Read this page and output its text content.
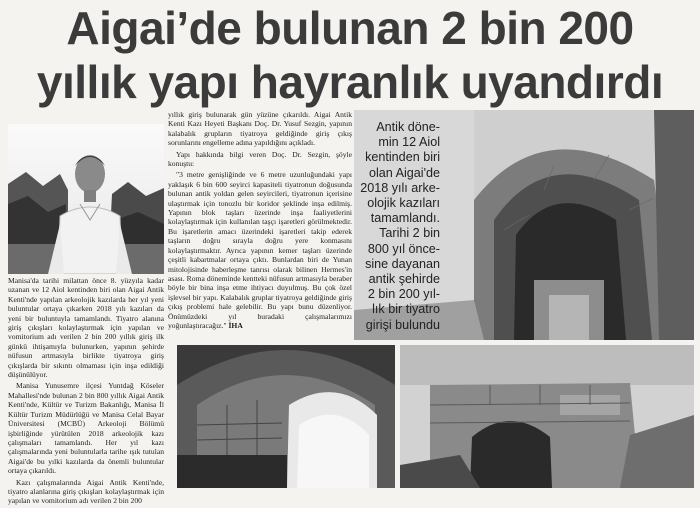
Aigai’de bulunan 2 bin 200
yıllık yapı hayranlık uyandırdı

Manisa'da tarihi milattan önce 8. yüzyıla kadar uzanan ve 12 Aiol kentinden biri olan Aigai Antik Kenti'nde yapılan arkeolojik kazılarda her yıl yeni buluntular ortaya çıkarken 2018 yılı kazıları da yeni bir buluntuyla tamamlandı. Tiyatro alanına giriş çıkışları kolaylaştırmak için yapılan ve vomitorium adı verilen 2 bin 200 yıllık giriş ilk günkü ihtişamıyla bulunurken, yapının şehirde nüfusun artmasıyla birlikte tiyatroya giriş çıkışlarda bir sıkıntı olmaması için inşa edildiği düşünülüyor.

Manisa Yunusemre ilçesi Yuntdağ Köseler Mahallesi'nde bulunan 2 bin 800 yıllık Aigai Antik Kenti'nde, Kültür ve Turizm Bakanlığı, Manisa İl Kültür Turizm Müdürlüğü ve Manisa Celal Bayar Üniversitesi (MCBÜ) Arkeoloji Bölümü işbirliğinde yürütülen 2018 arkeolojik kazı çalışmaları tamamlandı. Her yıl kazı çalışmalarında yeni buluntularla tarihe ışık tutulan Aigai'de bu yılki kazılarda da önemli buluntular ortaya çıkarıldı.

Kazı çalışmalarında Aigai Antik Kenti'nde, tiyatro alanlarına giriş çıkışları kolaylaştırmak için yapılan ve vomitorium adı verilen 2 bin 200

yıllık giriş bulunarak gün yüzüne çıkarıldı. Aigai Antik Kenti Kazı Heyeti Başkanı Doç. Dr. Yusuf Sezgin, yapının kalabalık grupların tiyatroya geldiğinde giriş çıkış sorunlarını engelleme adına yapıldığını açıkladı.

Yapı hakkında bilgi veren Doç. Dr. Sezgin, şöyle konuştu:

"3 metre genişliğinde ve 6 metre uzunluğundaki yapı yaklaşık 6 bin 600 seyirci kapasiteli tiyatronun doğusunda bulunan antik yoldan gelen seyircileri, tiyatronun içerisine ulaştırmak için tonozlu bir koridor şeklinde inşa edilmiş. Yapının blok taşları üzerinde inşa faaliyetlerini kolaylaştırmak için kullanılan taşçı işaretleri görülmektedir. Bu işaretlerin amacı üzerindeki işaretleri takip ederek taşların doğru sırayla doğru yere konmasını kolaylaştırmaktır. Ayrıca yapının kemer taşları üzerinde çeşitli kabartmalar ortaya çıktı. Bunlardan biri de Yunan mitolojisinde haberleşme tanrısı olarak bilinen Hermes'in asası. Roma döneminde kentteki nüfusun artmasıyla beraber böyle bir bina inşa etme ihtiyacı duyulmuş. Bu çok özel işlevsel bir yapı. Kalabalık gruplar tiyatroya geldiğinde giriş çıkış problemi hale gelebilir. Bu yapı bunu düzenliyor. Önümüzdeki yıl buradaki çalışmalarımızı yoğunlaştıracağız." İHA

Antik döne-
min 12 Aiol
kentinden biri
olan Aigai'de
2018 yılı arke-
olojik kazıları
tamamlandı.
Tarihi 2 bin
800 yıl önce-
sine dayanan
antik şehirde
2 bin 200 yıl-
lık bir tiyatro
girişi bulundu
